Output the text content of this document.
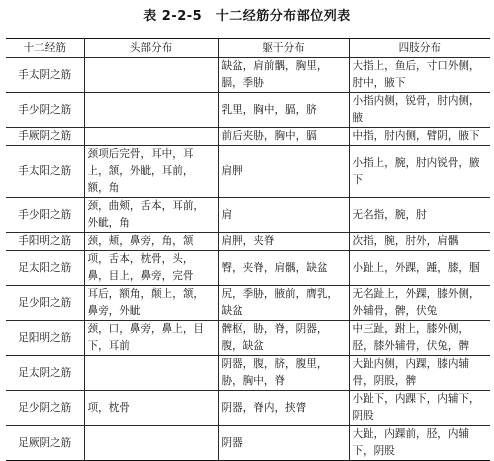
表 2-2-5　十二经筋分布部位列表
十二经筋	头部分布	躯干分布	四肢分布
手太阴之筋		缺盆，肩前髃，胸里，膈，季胁	大指上，鱼后，寸口外侧，肘中，腋下
手少阴之筋		乳里，胸中，膈，脐	小指内侧，锐骨，肘内侧，腋
手厥阴之筋		前后夹胁，胸中，膈	中指，肘内侧，臂阴，腋下
手太阳之筋	颈项后完骨，耳中，耳上，颔，外眦，耳前，额，角	肩胛	小指上，腕，肘内锐骨，腋下
手少阳之筋	颈，曲颊，舌本，耳前，外眦，角	肩	无名指，腕，肘
手阳明之筋	颈，颊，鼻旁，角，颔	肩胛，夹脊	次指，腕，肘外，肩髃
足太阳之筋	项，舌本，枕骨，头，鼻，目上，鼻旁，完骨	臀，夹脊，肩髃，缺盆	小趾上，外踝，踵，膝，腘
足少阳之筋	耳后，额角，颠上，颔，鼻旁，外眦	尻，季胁，腋前，膺乳，缺盆	无名趾上，外踝，膝外侧，外辅骨，髀，伏兔
足阳明之筋	颈，口，鼻旁，鼻上，目下，耳前	髀枢，胁，脊，阴器，腹，缺盆	中三趾，跗上，膝外侧，胫，膝外辅骨，伏兔，髀
足太阴之筋		阴器，腹，脐，腹里，胁，胸中，脊	大趾内侧，内踝，膝内辅骨，阴股，髀
足少阴之筋	项，枕骨	阴器，脊内，挟膂	小趾下，内踝下，内辅下，阴股
足厥阴之筋		阴器	大趾，内踝前，胫，内辅下，阴股
